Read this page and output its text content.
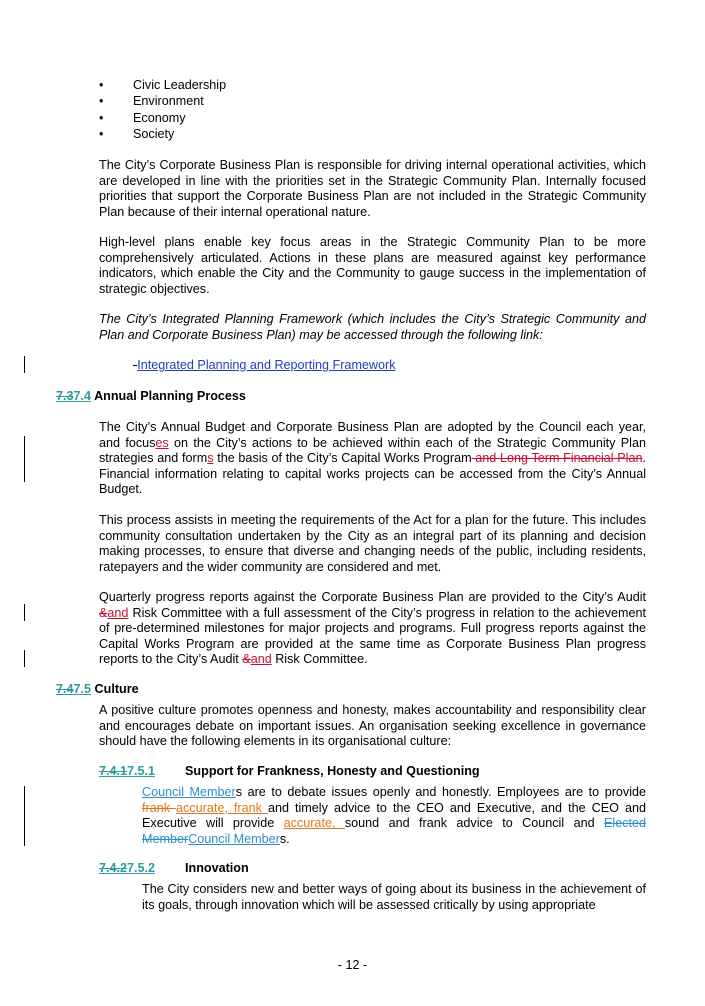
• Civic Leadership
• Environment
• Economy
• Society

The City’s Corporate Business Plan is responsible for driving internal operational activities, which are developed in line with the priorities set in the Strategic Community Plan. Internally focused priorities that support the Corporate Business Plan are not included in the Strategic Community Plan because of their internal operational nature.

High-level plans enable key focus areas in the Strategic Community Plan to be more comprehensively articulated. Actions in these plans are measured against key performance indicators, which enable the City and the Community to gauge success in the implementation of strategic objectives.

The City’s Integrated Planning Framework (which includes the City’s Strategic Community and Plan and Corporate Business Plan) may be accessed through the following link:

-Integrated Planning and Reporting Framework
7.37.4 Annual Planning Process

The City’s Annual Budget and Corporate Business Plan are adopted by the Council each year, and focuses on the City’s actions to be achieved within each of the Strategic Community Plan strategies and forms the basis of the City’s Capital Works Program and Long Term Financial Plan. Financial information relating to capital works projects can be accessed from the City’s Annual Budget.

This process assists in meeting the requirements of the Act for a plan for the future. This includes community consultation undertaken by the City as an integral part of its planning and decision making processes, to ensure that diverse and changing needs of the public, including residents, ratepayers and the wider community are considered and met.

Quarterly progress reports against the Corporate Business Plan are provided to the City’s Audit &and Risk Committee with a full assessment of the City’s progress in relation to the achievement of pre-determined milestones for major projects and programs. Full progress reports against the Capital Works Program are provided at the same time as Corporate Business Plan progress reports to the City’s Audit &and Risk Committee.

7.47.5 Culture

A positive culture promotes openness and honesty, makes accountability and responsibility clear and encourages debate on important issues. An organisation seeking excellence in governance should have the following elements in its organisational culture:

7.4.17.5.1 Support for Frankness, Honesty and Questioning

Council Members are to debate issues openly and honestly. Employees are to provide frank accurate, frank and timely advice to the CEO and Executive, and the CEO and Executive will provide accurate, sound and frank advice to Council and Elected MemberCouncil Members.

7.4.27.5.2 Innovation

The City considers new and better ways of going about its business in the achievement of its goals, through innovation which will be assessed critically by using appropriate

- 12 -
